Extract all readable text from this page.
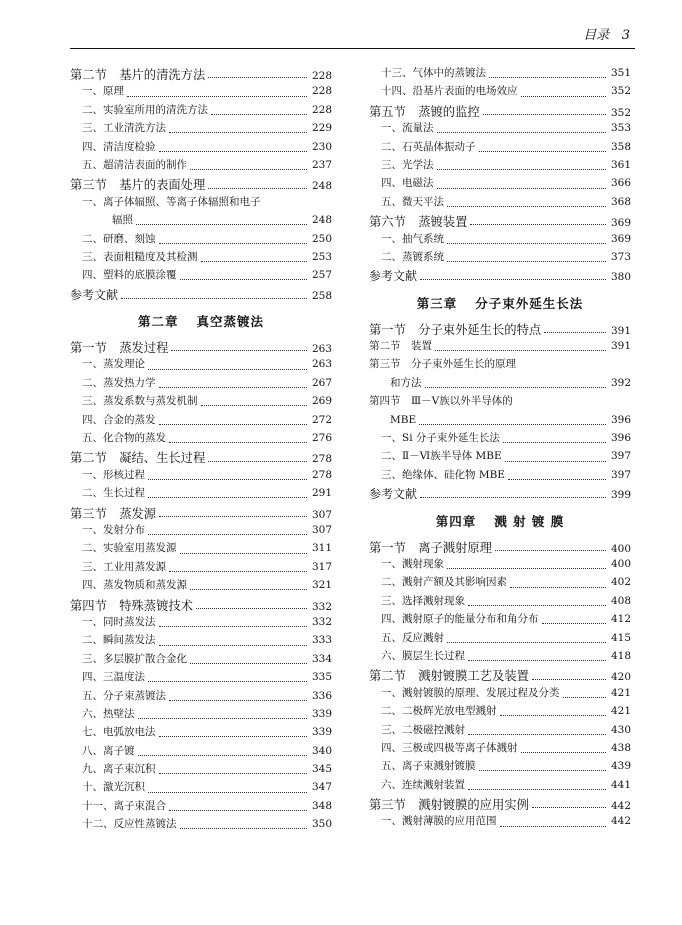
目录 3
第二节　基片的清洗方法	228
一、原理	228
二、实验室所用的清洗方法	228
三、工业清洗方法	229
四、清洁度检验	230
五、超清洁表面的制作	237
第三节　基片的表面处理	248
一、离子体辐照、等离子体辐照和电子
　　　　辐照	248
二、研磨、刻蚀	250
三、表面粗糙度及其检测	253
四、塑料的底膜涂覆	257
参考文献	258
第二章 真空蒸镀法
第一节　蒸发过程	263
一、蒸发理论	263
二、蒸发热力学	267
三、蒸发系数与蒸发机制	269
四、合金的蒸发	272
五、化合物的蒸发	276
第二节　凝结、生长过程	278
一、形核过程	278
二、生长过程	291
第三节　蒸发源	307
一、发射分布	307
二、实验室用蒸发源	311
三、工业用蒸发源	317
四、蒸发物质和蒸发源	321
第四节　特殊蒸镀技术	332
一、同时蒸发法	332
二、瞬间蒸发法	333
三、多层膜扩散合金化	334
四、三温度法	335
五、分子束蒸镀法	336
六、热壁法	339
七、电弧放电法	339
八、离子镀	340
九、离子束沉积	345
十、激光沉积	347
十一、离子束混合	348
十二、反应性蒸镀法	350
十三、气体中的蒸镀法	351
十四、沿基片表面的电场效应	352
第五节　蒸镀的监控	352
一、流量法	353
二、石英晶体振动子	358
三、光学法	361
四、电磁法	366
五、微天平法	368
第六节　蒸镀装置	369
一、抽气系统	369
二、蒸镀系统	373
参考文献	380
第三章 分子束外延生长法
第一节　分子束外延生长的特点	391
第二节　装置	391
第三节　分子束外延生长的原理
　　和方法	392
第四节　Ⅲ－Ⅴ族以外半导体的
　　MBE	396
一、Si 分子束外延生长法	396
二、Ⅱ－Ⅵ族半导体 MBE	397
三、绝缘体、硅化物 MBE	397
参考文献	399
第四章 溅 射 镀 膜
第一节　离子溅射原理	400
一、溅射现象	400
二、溅射产额及其影响因素	402
三、选择溅射现象	408
四、溅射原子的能量分布和角分布	412
五、反应溅射	415
六、膜层生长过程	418
第二节　溅射镀膜工艺及装置	420
一、溅射镀膜的原理、发展过程及分类	421
二、二极辉光放电型溅射	421
三、二极磁控溅射	430
四、三极或四极等离子体溅射	438
五、离子束溅射镀膜	439
六、连续溅射装置	441
第三节　溅射镀膜的应用实例	442
一、溅射薄膜的应用范围	442
